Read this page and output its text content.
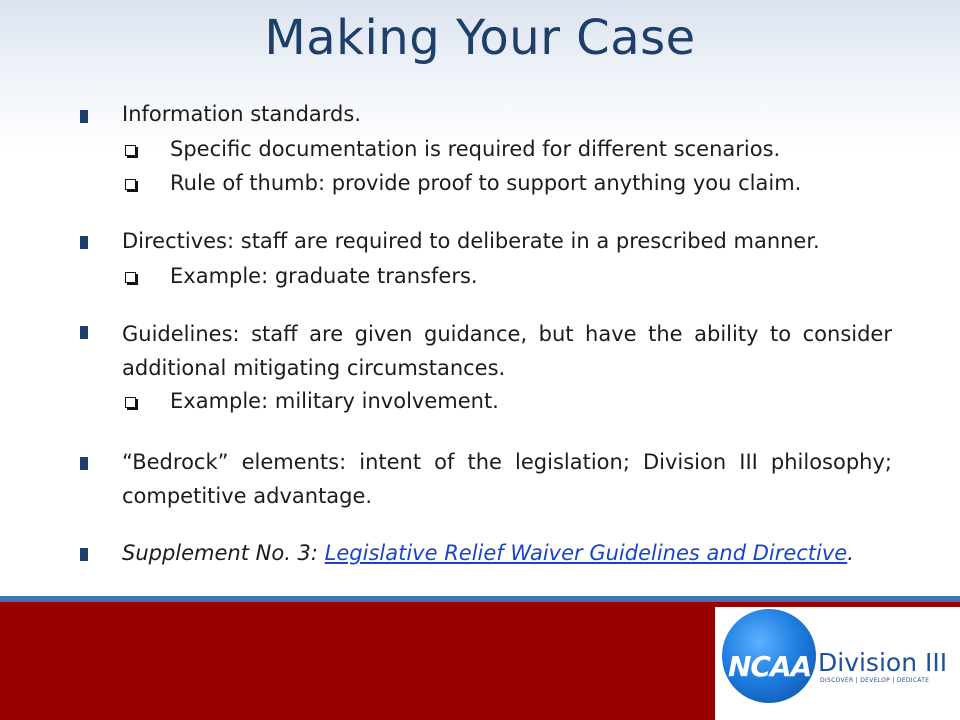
Making Your Case
Information standards.
Specific documentation is required for different scenarios.
Rule of thumb: provide proof to support anything you claim.
Directives: staff are required to deliberate in a prescribed manner.
Example: graduate transfers.
Guidelines: staff are given guidance, but have the ability to consider additional mitigating circumstances.
Example: military involvement.
“Bedrock” elements: intent of the legislation; Division III philosophy; competitive advantage.
Supplement No. 3: Legislative Relief Waiver Guidelines and Directive.
NCAA Division III
DISCOVER | DEVELOP | DEDICATE
